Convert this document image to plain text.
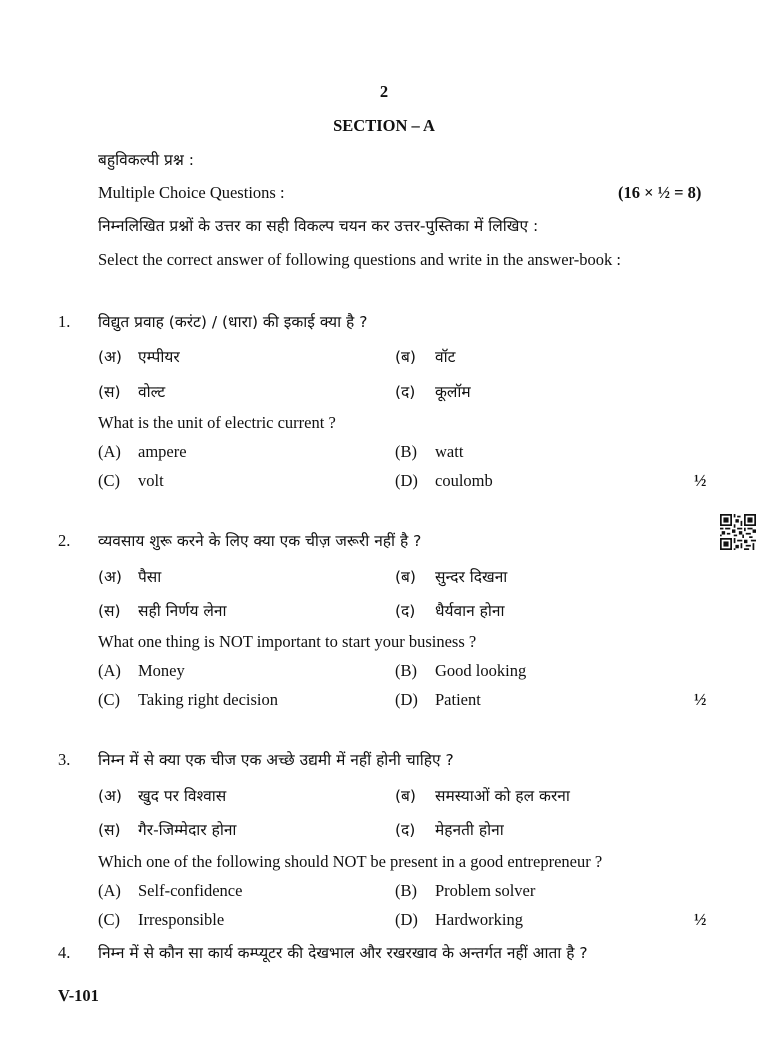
2
SECTION – A
बहुविकल्पी प्रश्न :
Multiple Choice Questions :	(16 × ½ = 8)
निम्नलिखित प्रश्नों के उत्तर का सही विकल्प चयन कर उत्तर-पुस्तिका में लिखिए :
Select the correct answer of following questions and write in the answer-book :
1. विद्युत प्रवाह (करंट) / (धारा) की इकाई क्या है ?
(अ) एम्पीयर	(ब) वॉट
(स) वोल्ट	(द) कूलॉम
What is the unit of electric current ?
(A) ampere	(B) watt
(C) volt	(D) coulomb	½
2. व्यवसाय शुरू करने के लिए क्या एक चीज़ जरूरी नहीं है ?
(अ) पैसा	(ब) सुन्दर दिखना
(स) सही निर्णय लेना	(द) धैर्यवान होना
What one thing is NOT important to start your business ?
(A) Money	(B) Good looking
(C) Taking right decision	(D) Patient	½
3. निम्न में से क्या एक चीज एक अच्छे उद्यमी में नहीं होनी चाहिए ?
(अ) खुद पर विश्वास	(ब) समस्याओं को हल करना
(स) गैर-जिम्मेदार होना	(द) मेहनती होना
Which one of the following should NOT be present in a good entrepreneur ?
(A) Self-confidence	(B) Problem solver
(C) Irresponsible	(D) Hardworking	½
4. निम्न में से कौन सा कार्य कम्प्यूटर की देखभाल और रखरखाव के अन्तर्गत नहीं आता है ?
V-101
